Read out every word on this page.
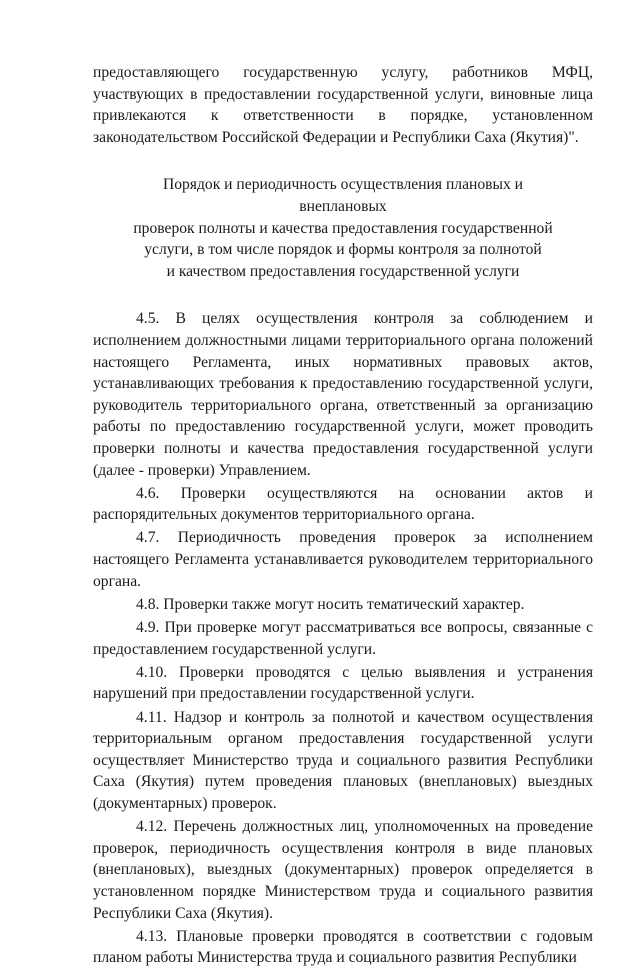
предоставляющего государственную услугу, работников МФЦ, участвующих в предоставлении государственной услуги, виновные лица привлекаются к ответственности в порядке, установленном законодательством Российской Федерации и Республики Саха (Якутия)".

Порядок и периодичность осуществления плановых и внеплановых
проверок полноты и качества предоставления государственной
услуги, в том числе порядок и формы контроля за полнотой
и качеством предоставления государственной услуги

4.5. В целях осуществления контроля за соблюдением и исполнением должностными лицами территориального органа положений настоящего Регламента, иных нормативных правовых актов, устанавливающих требования к предоставлению государственной услуги, руководитель территориального органа, ответственный за организацию работы по предоставлению государственной услуги, может проводить проверки полноты и качества предоставления государственной услуги (далее - проверки) Управлением.

4.6. Проверки осуществляются на основании актов и распорядительных документов территориального органа.

4.7. Периодичность проведения проверок за исполнением настоящего Регламента устанавливается руководителем территориального органа.

4.8. Проверки также могут носить тематический характер.

4.9. При проверке могут рассматриваться все вопросы, связанные с предоставлением государственной услуги.

4.10. Проверки проводятся с целью выявления и устранения нарушений при предоставлении государственной услуги.

4.11. Надзор и контроль за полнотой и качеством осуществления территориальным органом предоставления государственной услуги осуществляет Министерство труда и социального развития Республики Саха (Якутия) путем проведения плановых (внеплановых) выездных (документарных) проверок.

4.12. Перечень должностных лиц, уполномоченных на проведение проверок, периодичность осуществления контроля в виде плановых (внеплановых), выездных (документарных) проверок определяется в установленном порядке Министерством труда и социального развития Республики Саха (Якутия).

4.13. Плановые проверки проводятся в соответствии с годовым планом работы Министерства труда и социального развития Республики
